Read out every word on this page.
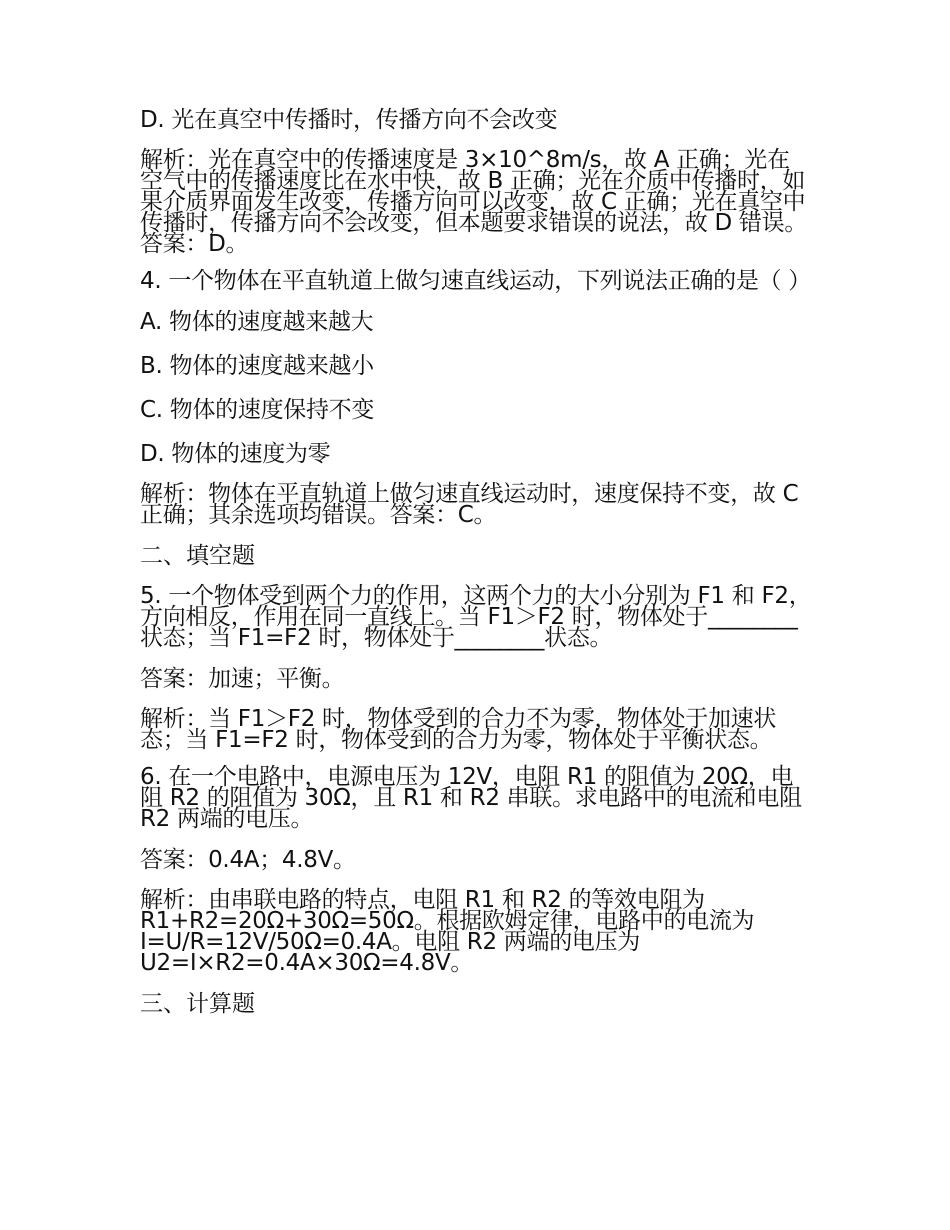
D. 光在真空中传播时，传播方向不会改变

解析：光在真空中的传播速度是 3×10^8m/s，故 A 正确；光在空气中的传播速度比在水中快，故 B 正确；光在介质中传播时，如果介质界面发生改变，传播方向可以改变，故 C 正确；光在真空中传播时，传播方向不会改变，但本题要求错误的说法，故 D 错误。答案：D。

4. 一个物体在平直轨道上做匀速直线运动，下列说法正确的是（ ）

A. 物体的速度越来越大

B. 物体的速度越来越小

C. 物体的速度保持不变

D. 物体的速度为零

解析：物体在平直轨道上做匀速直线运动时，速度保持不变，故 C 正确；其余选项均错误。答案：C。

二、填空题

5. 一个物体受到两个力的作用，这两个力的大小分别为 F1 和 F2，方向相反，作用在同一直线上。当 F1＞F2 时，物体处于________状态；当 F1=F2 时，物体处于________状态。

答案：加速；平衡。

解析：当 F1＞F2 时，物体受到的合力不为零，物体处于加速状态；当 F1=F2 时，物体受到的合力为零，物体处于平衡状态。

6. 在一个电路中，电源电压为 12V，电阻 R1 的阻值为 20Ω，电阻 R2 的阻值为 30Ω，且 R1 和 R2 串联。求电路中的电流和电阻 R2 两端的电压。

答案：0.4A；4.8V。

解析：由串联电路的特点，电阻 R1 和 R2 的等效电阻为 R1+R2=20Ω+30Ω=50Ω。根据欧姆定律，电路中的电流为 I=U/R=12V/50Ω=0.4A。电阻 R2 两端的电压为 U2=I×R2=0.4A×30Ω=4.8V。

三、计算题
